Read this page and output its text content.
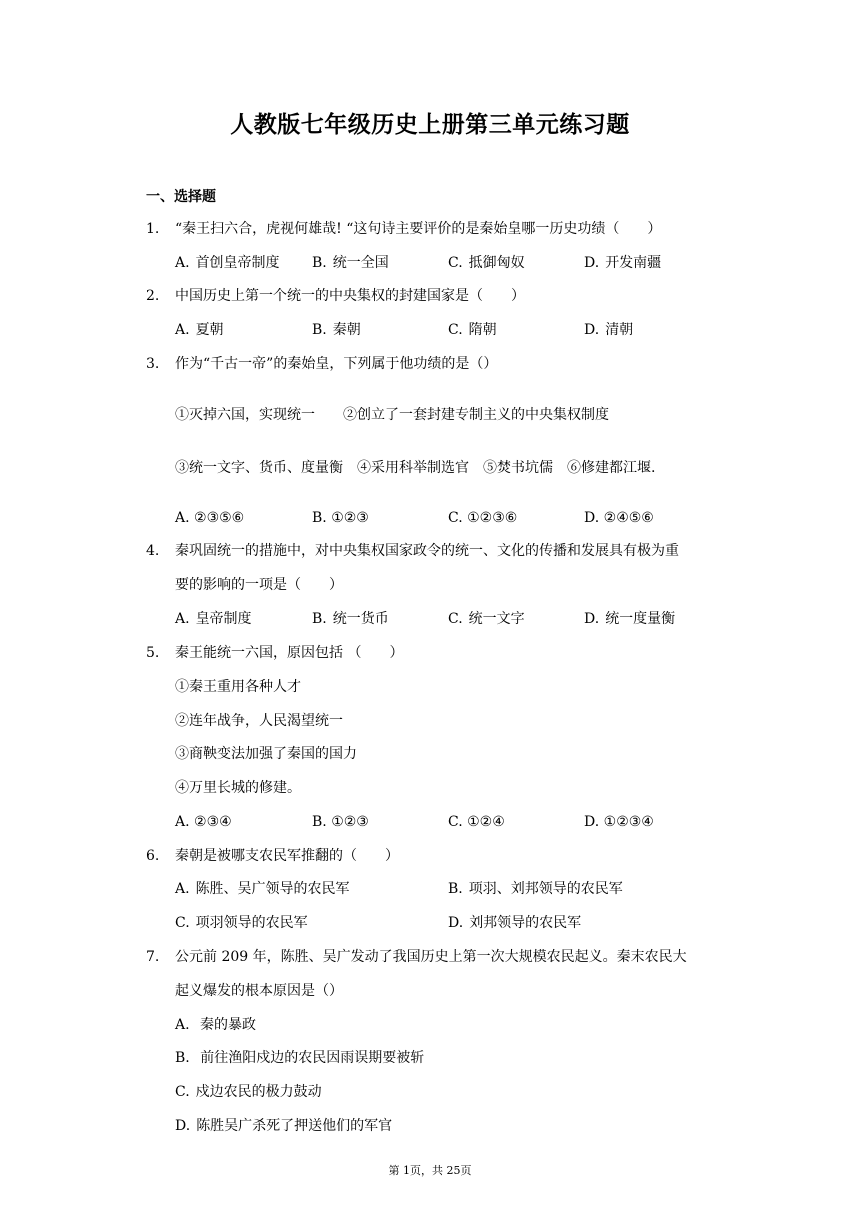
人教版七年级历史上册第三单元练习题
一、选择题
1. “秦王扫六合，虎视何雄哉! “这句诗主要评价的是秦始皇哪一历史功绩（　　）
A. 首创皇帝制度 B. 统一全国	C. 抵御匈奴	D. 开发南疆
2. 中国历史上第一个统一的中央集权的封建国家是（　　）
A. 夏朝	B. 秦朝	C. 隋朝	D. 清朝
3. 作为“千古一帝”的秦始皇，下列属于他功绩的是（）
①灭掉六国，实现统一　　②创立了一套封建专制主义的中央集权制度
③统一文字、货币、度量衡　④采用科举制选官　⑤焚书坑儒　⑥修建都江堰.
A. ②③⑤⑥	B. ①②③	C. ①②③⑥	D. ②④⑤⑥
4. 秦巩固统一的措施中，对中央集权国家政令的统一、文化的传播和发展具有极为重
要的影响的一项是（　　）
A. 皇帝制度	B. 统一货币	C. 统一文字	D. 统一度量衡
5. 秦王能统一六国，原因包括 （　　）
①秦王重用各种人才
②连年战争，人民渴望统一
③商鞅变法加强了秦国的国力
④万里长城的修建。
A. ②③④	B. ①②③	C. ①②④	D. ①②③④
6. 秦朝是被哪支农民军推翻的（　　）
A. 陈胜、吴广领导的农民军	B. 项羽、刘邦领导的农民军
C. 项羽领导的农民军	D. 刘邦领导的农民军
7. 公元前 209 年，陈胜、吴广发动了我国历史上第一次大规模农民起义。秦末农民大
起义爆发的根本原因是（）
A. 秦的暴政
B. 前往渔阳戍边的农民因雨误期要被斩
C. 戍边农民的极力鼓动
D. 陈胜吴广杀死了押送他们的军官
第 1页，共 25页
